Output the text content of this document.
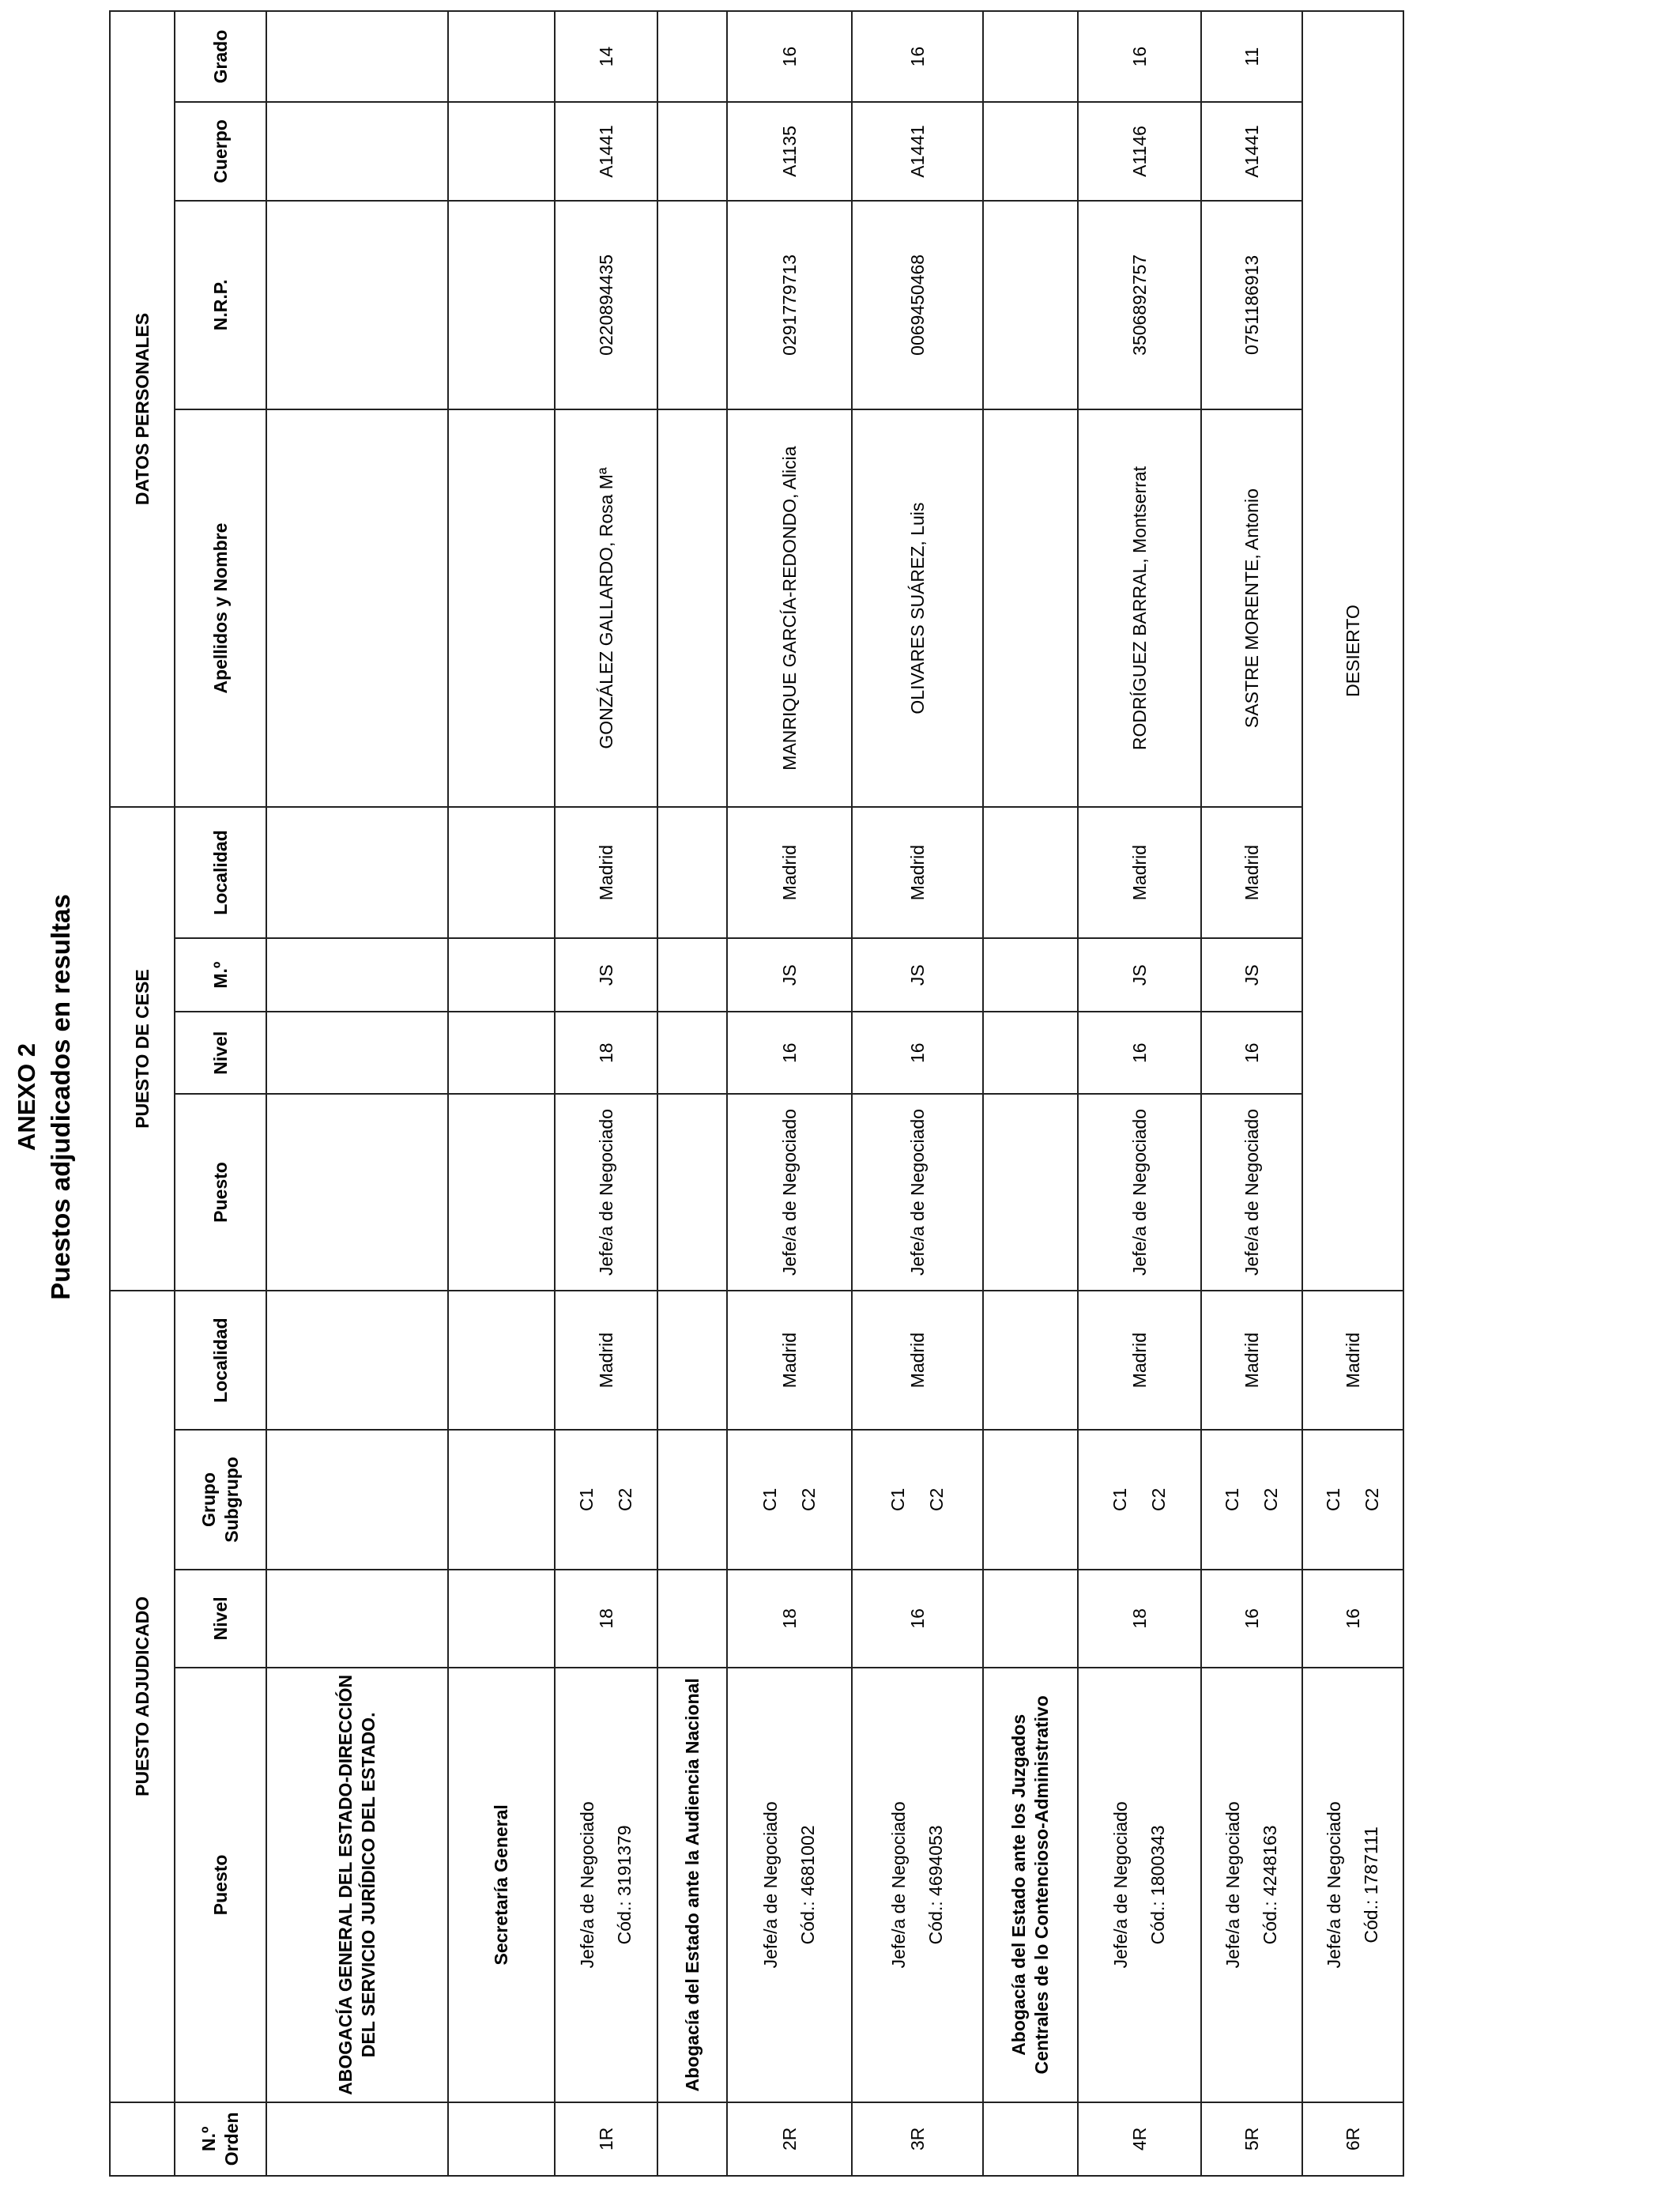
ANEXO 2 Puestos adjudicados en resultas
	PUESTO ADJUDICADO				PUESTO DE CESE				DATOS PERSONALES			
N.º Orden	Puesto	Nivel	Grupo Subgrupo	Localidad	Puesto	Nivel	M.º	Localidad	Apellidos y Nombre	N.R.P.	Cuerpo	Grado
	ABOGACÍA GENERAL DEL ESTADO-DIRECCIÓN DEL SERVICIO JURÍDICO DEL ESTADO.											
	Secretaría General											
1R	Jefe/a de Negociado Cód.: 3191379	18	C1 C2	Madrid	Jefe/a de Negociado	18	JS	Madrid	GONZÁLEZ GALLARDO, Rosa Mª	0220894435	A1441	14
	Abogacía del Estado ante la Audiencia Nacional											
2R	Jefe/a de Negociado Cód.: 4681002	18	C1 C2	Madrid	Jefe/a de Negociado	16	JS	Madrid	MANRIQUE GARCÍA-REDONDO, Alicia	0291779713	A1135	16
3R	Jefe/a de Negociado Cód.: 4694053	16	C1 C2	Madrid	Jefe/a de Negociado	16	JS	Madrid	OLIVARES SUÁREZ, Luis	0069450468	A1441	16
	Abogacía del Estado ante los Juzgados Centrales de lo Contencioso-Administrativo											
4R	Jefe/a de Negociado Cód.: 1800343	18	C1 C2	Madrid	Jefe/a de Negociado	16	JS	Madrid	RODRÍGUEZ BARRAL, Montserrat	3506892757	A1146	16
5R	Jefe/a de Negociado Cód.: 4248163	16	C1 C2	Madrid	Jefe/a de Negociado	16	JS	Madrid	SASTRE MORENTE, Antonio	0751186913	A1441	11
6R	Jefe/a de Negociado Cód.: 1787111	16	C1 C2	Madrid	DESIERTO							
